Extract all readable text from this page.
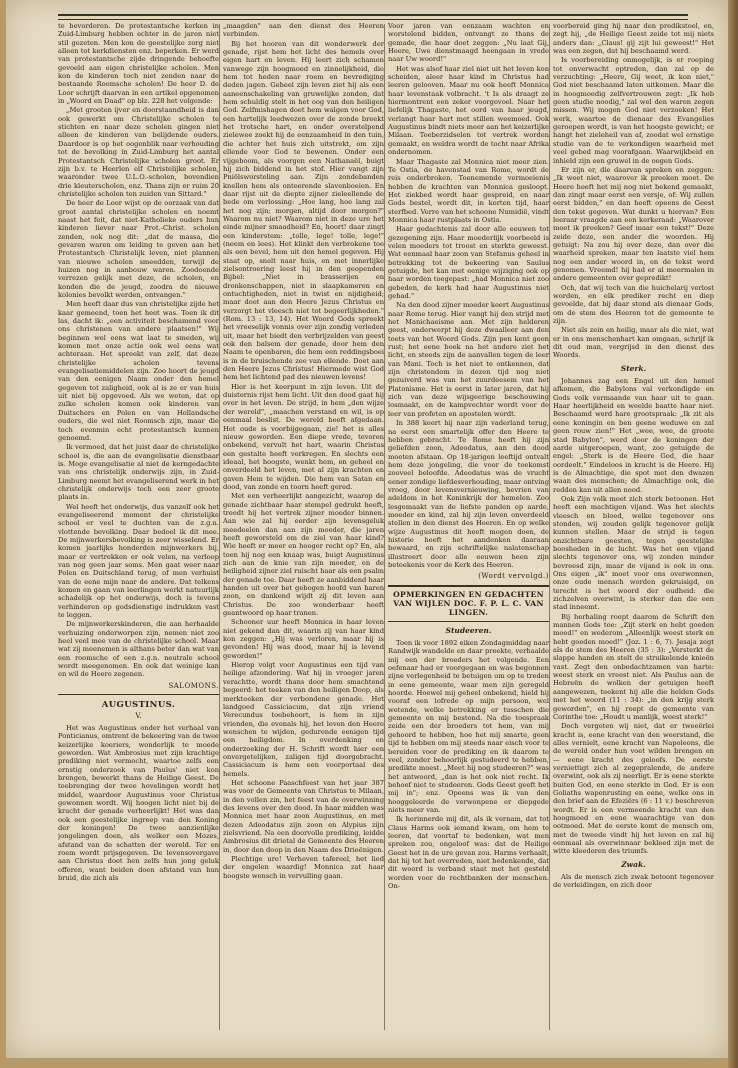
te bevorderen. De protestantsche kerken in Zuid-Limburg hebben echter in de jaren niet stil gezeten. Men kon de geestelijke zorg niet alleen tot kerkdiensten enz. beperken. Er werd van protestantsche zijde dringende behoefte gevoeld aan eigen christelijke scholen. Men kon de kinderen toch niet zenden naar de bestaande Roomsche scholen! De heer D. de Loor schrijft daarvan in een artikel opgenomen in „Woord en Daad" op blz. 228 het volgende:

„Met grooten ijver en doorstaandheid is dan ook gewerkt om Christelijke scholen te stichten en naar deze scholen gingen niet alleen de kinderen van belijdende ouders. Daardoor is op het oogenblik naar verhouding tot de bevolking in Zuid-Limburg het aantal Protestantsch Christelijke scholen groot. Er zijn b.v. te Heerlen elf Christelijke scholen, waaronder twee U.L.O.-scholen, bovendien drie kleuterscholen, enz. Thans zijn er ruim 20 christelijke scholen ten zuiden van Sittard."

De heer de Loor wijst op de oorzaak van dat groot aantal christelijke scholen en noemt naast het feit, dat niet-Katholieke ouders hun kinderen liever naar Prot.-Christ. scholen zenden, ook nog dit: „dat de massa, die gevaren waren om leiding te geven aan het Protestantsch Christelijk leven, niet plannen van nieuwe scholen smeedden, terwijl de huizen nog in aanbouw waren. Zoodoende verrezen gelijk met deze, de scholen, en konden die de jeugd, zoodra de nieuwe kolonies bevolkt werden, ontvangen."

Men heeft daar dus van christelijke zijde het kaar gemeend, toen het heet was. Toen ik dit las, dacht ik: „een activiteit beschamend voor ons christenen van andere plaatsen!" Wij beginnen wel eens wat laat te smeden, wij komen met onze actie ook wel eens wat achteraan. Het spreekt van zelf, dat deze christelijke scholen tevens evangelisatiemiddelen zijn. Zoo hoort de jeugd van den eenigen Naam onder den hemel gegeven tot zaligheid, ook al is ze er van huis uit niet bij opgevoed. Als we weten, dat op zulke scholen komen ook kinderen van Duitschers en Polen en van Hollandsche ouders, die wel niet Roomsch zijn, maar die toch evenmin echt protestantsch kunnen genoemd.

Ik vermoed, dat het juist daar de christelijke school is, die aan de evangelisatie dienstbaar is. Moge evangelisatie al niet de kerngedachte van ons christelijk onderwijs zijn, in Zuid-Limburg neemt het evangeliserend werk in het christelijk onderwijs toch een zeer groote plaats in.

Wel heeft het onderwijs, dus vanzelf ook het evangeliseerend moment der christelijke school er veel te duchten van de z.g.n. vlottende bevolking. Daar bedoel ik dit mee. De mijnwerkersbevolking is zeer wisselend. Er komen jaarlijks honderden mijnwerkers bij, maar er vertrekken er ook velen, na verloop van nog geen jaar soms. Men gaat weer naar Polen en Duitschland terug, of men verhuist van de eene mijn naar de andere. Dat telkens komen en gaan van leerlingen werkt natuurlijk schadelijk op het onderwijs, doch is tevens verhinderen op godsdienstige indrukken vast te leggen.

De mijnwerkerskinderen, die aan herhaalde verhuizing onderworpen zijn, nemen niet zoo heel veel mee van de christelijke school. Maar wat zij meenemen is althans beter dan wat van een roomsche of een z.g.n. neutrale school wordt meegenomen. En ook dat weinige kan en wil de Heere zegenen.

SALOMONS.
AUGUSTINUS.
V.

Het was Augustinus onder het verhaal van Ponticianus, omtrent de bekeering van de twee keizerlijke koeriers, wonderlijk te moede geworden. Wat Ambrosius met zijn krachtige prediking niet vermocht, waartoe zelfs een ernstig onderzoek van Paulus' niet kon brengen, bewerkt thans de Heilige Geest. De toebrenging der twee hovelingen wordt het middel, waardoor Augustinus voor Christus gewonnen wordt. Wij hoogen licht niet bij de kracht der genade verheerlijkt! Het was dan ook een geestelijke ingreep van den Koning der koningen! De twee aanzienlijke jongelingen doen, als welker een Mozes, afstand van de schatten der wereld. Ter en roem wordt prijsgegeven. De levensovergave aan Christus doet hen zelfs hun jong geluk offeren, want beiden doen afstand van hun bruid, die zich als

„maagden" aan den dienst des Heeren verbinden.

Bij het hooren van dit wonderwerk der genade, rijst hem het licht des hemels over eigen hart en leven. Hij leert zich schamen vanwege zijn hoogmoed en zinnelijkheid, die hem tot heden naar roem en bevrediging deden jagen. Geheel zijn leven ziet hij als een aaneenschakeling van gruwelijke zonden, dat hem schuldig stelt in het oog van den heiligen God. Zelfmishagen doet hem walgen voor God, een hartelijk leedwezen over de zonde breekt het trotsche hart, en onder overstelpend zielewee zoekt hij de eenzaamheid in den tuin, die achter het huis zich uitstrekt, om zijn ellende voor God te bewenen. Onder een vijgeboom, als voorgen een Nathanaël, buigt hij zich biddend in het stof. Hier vangt zijn Pniëlsworsteling aan. Zijn zondebanden knellen hem als onteerende slavenboeien. En daar rijst uit de diepte zijner zieleellende de bede om verlossing: „Hoe lang, hoe lang zal het nog zijn; morgen, altijd door morgen?" Waarom nu niet? Waarom niet in deze ure het einde mijner smaadheid? En, hoort! daar zingt een kinderstem: „tolle, lege! tolle, lege!" (neem en lees). Het klinkt den verbrokene toe als een bevel, hem uit den hemel gegeven. Hij staat op, snelt naar huis, en met innerlijke zielsontroering leest hij in den geopenden Bijbel: „Niet in brasserijen en dronkenschappen, niet in slaapkameren en ontuchtigheden, niet in twist en nijdigheid; maar doet aan den Heere Jezus Christus en verzorgt het vleesch niet tot begeerlijkheden." (Rom. 13 : 13, 14). Het Woord Gods spreekt het vreeselijk vonnis over zijn zondig verleden uit, maar het biedt den verbrijzelden van geest ook den balsem der genade, door hem den Naam te openbaren, die hem een reddingsboei is in de bruischende zee van ellende. Doet aan den Heere Jezus Christus! Hiermede wist God hem het lichtend pad des nieuwen levens!

Hier is het keerpunt in zijn leven. Uit de duisternis rijst hem licht. Uit den dood gaat hij over in het leven. De strijd, in hem „den wijze der wereld", „maachen verstand en wil, is op eenmaal beslist. De wereld heeft afgedaan. Het oude is voorbijgegaan, zie! het is alles nieuw geworden. Een diepe vrede, tevoren onbekend, vervult het hart, waarin Christus een gestalte heeft verkregen. En slechts een ideaal, het hoogste, wenkt hem, en geheel en onverdeeld het leven, met al zijn krachten en gaven Hem te wijden. Die hem van Satan en dood, van zonde en toorn heeft gered.

Met een verheerlijkt aangezicht, waarop de genade zichtbaar haar stempel gedrukt heeft, treedt hij het vertrek zijner moeder binnen. Aan wie zal hij eerder zijn levensgeluk meedeelen dan aan zijn moeder, die jaren heeft geworsteld om de ziel van haar kind? Wie heeft er meer en hooger recht op? En, als toen hij nog een knaap was, buigt Augustinus zich aan de knie van zijn moeder, en de heiligheid zijner ziel ruischt haar als een psalm der genade toe. Daar heeft ze aanbiddend haar handen uit over het gebogen hoofd van haren zoon, en dankend wijdt zij dit leven aan Christus. De zoo wonderbaar heeft geantwoord op haar tranen.

Schooner uur heeft Monnica in haar leven niet gekend dan dit, waarin zij van haar kind kon zeggen: „Hij was verloren, maar hij is gevonden! Hij was dood, maar hij is levend geworden!"

Hierop volgt voor Augustinus een tijd van heilige afzondering. Wat hij in vroeger jaren verachtte, wordt thans door hem smachtend begeerd: het teeken van den heiligen Doop, als merkteeken der verbondene genade. Het landgoed Cassiciacum, dat zijn vriend Verecundus toebehoort, is hem in zijn vrienden, die evenals hij, het leven den Heere wenschen te wijden, gedurende eenigen tijd een heiligdom. In overdenking en onderzoeking der H. Schrift wordt hier een onvergetelijken, zaligen tijd doorgebracht. Cassiciacum is hem een voorportaal des hemels.

Het schoone Paaschfeest van het jaar 387 was voor de Gemeente van Christus te Milaan, in den vollen zin, het feest van de overwinning des levens over den dood. In haar midden was Monnica met haar zoon Augustinus, en met dezen Adeodatus zijn zoon en Alypius zijn zielsvriend. Na een doorvolle prediking, leidde Ambrosius dit drietal de Gemeente des Heeren in, door den doop in den Naam des Drieënigen.

Plechtige ure! Verheven tafereel, het lied der engelen waardig! Monnica zat haar hoogste wensch in vervulling gaan.

Voor jaren van eenzaam wachten en worstelend bidden, ontvangt ze thans de gemade, die haar doet zeggen: „Nu laat Gij, Heere, Uwe dienstmaagd heengaan in vrede naar Uw woord!"

Het was alsof haar ziel niet uit het leven kon scheiden, aleer haar kind in Christus had leeren gelooven. Maar nu ook heeft Monnica haar levenstaak volbracht. 't Is als draagt ze hiermontrent een zeker voorgevoel. Naar het liefelijk Thagaste, het oord van haar jeugd, verlangt haar hart met stillen weemoed. Ook Augustinus bindt niets meer aan het keizerlijke Milaan. Toeberzidselen tot vertrek worden gemaakt, en weldra wordt de tocht naar Afrika ondernomen.

Maar Thagaste zal Monnica niet meer zien. Te Ostia, de havenstad van Rome, wordt de reis onderbroken. Toenemende vermoeienis hebben de krachten van Monnica gesloopt. Het ziekbed wordt haar gespreid, en naar Gods bestel, wordt dit, in korten tijd, haar sterfbed. Verre van het schoone Numidië, vindt Monnica haar rustplaats in Ostia.

Haar gedachtenis zal door alle eeuwen tot gezegening zijn. Haar moederlijk voorbeeld is velen moeders tot troost en sterkte geweest. Wat eenmaal haar zoon van Stefanus geheel in betrekking tot de bekeering van Saulus getuigde, het kan met eenige wijziging ook op haar worden toegepast: „had Monnica niet zoo gebeden, de kerk had haar Augustinus niet gehad."

Na den dood zijner moeder keert Augustinus naar Rome terug. Hier vangt hij den strijd met het Manichaeisme aan. Met zijn helderen geest, onderwerpt hij deze dwaalleer aan den toets van het Woord Gods. Zijn pen kent geen rust; het eene boek na het andere ziet het licht, en steeds zijn de aanvallen tegen de leer van Mani. Toch is het niet te ontkennen, dat zijn christendom in dezen tijd nog niet gezuiverd was van het zuurdeesem van het Platonisme. Het is eerst in later jaren, dat hij zich van deze wijsgeerige beschouwing losmaakt, en de kampvechter wordt voor de leer van profeten en apostelen wordt.

In 388 keert hij naar zijn vaderland terug, na eerst een smartelijk offer den Heere te hebben gebracht. Te Rome heeft hij zijn geliefden zoon, Adeodatus, aan den dood moeten afstaan. Op 18-jarigen leeftijd ontvalt hem deze jongeling, die voor de toekomst zooveel beloofde. Adeodatus was de vrucht eener zondige liefdesverhouding, maar ontving vroeg, door levensvernieuwing, bevrien van adeldom in het Koninkrijk der hemelen. Zoo lesgemaakt van de liefste panden op aarde, moeder en kind, zal hij zijn leven onverdeeld stellen in den dienst des Heeren. En op welke wijze Augustinus dit heeft mogen doen, de historie heeft het aandenken daaraan bewaard, en zijn schriftelijke nalatenschap illustreert door alle eeuwen heen zijn beteekenis voor de Kerk des Heeren.

(Wordt vervolgd.)
OPMERKINGEN EN GEDACHTEN VAN WIJLEN DOC. F. P. L. C. VAN LINGEN.
Studeeren.

Toen ik voor 1892 eiken Zondagmiddag naar Randwijk wandelde en daar preekte, verhaalde mij een der broeders het volgende. Een oefenaar had er voorgegaan en was begonnen zijne verlegenheid te betuigen om op te treden in eene gemeente, waar men zijn geregeld hoorde. Hoewel mij geheel onbekend, hield hij vooraf een lofrede op mijn persoon, wel wetende, welke betrekking er tusschen die gemeente en mij bestond. Na die toespraak zeide een der broeders tot hem, van mij gehoord te hebben, hoe het mij smarte, geen tijd te hebben om mij steeds naar eisch voor te bereiden voor de prediking en ik daarom te veel, zonder behoorlijk gestudeerd te hebben, predikte moest. „Meet hij nog studeeren?" was het antwoord, „dan is het ook niet recht. Ik behoef niet te studeeren. Gods Geest geeft het mij in"; enz. Opeens was ik van den hooggeleerde de verwonpene er diepgede niets meer van.

Ik herinnerde mij dit, als ik vernam, dat tot Claus Harms ook iemand kwam, om hem te leeren, dat voortaf te bedenken, wat men spreken zou, ongeloof was: dat de Heilige Geest het in de ure gevan zou. Harms verhaalt, dat hij tot het overreden, niet bedenkende, dat dit woord is verband staat met het gesteld worden voor de rechtbanken der menschen. On-

voorbereid ging hij naar den predikstoel, en, zegt hij, „de Heilige Geest zeide tot mij niets anders dan: „Claus! gij zijt lui geweest!" Het was een zegen, dat hij beschaamd werd.

Is voorbereiding onmogelijk, is er roeping tot onverwacht optreden, dan zal op de verzuchting: „Heere, Gij weet, ik kon niet," God niet beschaamd laten uitkomen. Maar die in hoogmoedig zelfvertrouwen zegt: „Ik heb geen studie noodig," zal wel den waren zegen missen. Wij mogen God niet verzoeken! Het werk, waartoe de dienaar des Evangelies geroepen wordt, is van het hoogste gewicht; er hangt het zieleheil van af, zoodat wel ernstige studie van de te verkondigen waarheid met veel gebed mag voorafgaan. Waarwijkbeid en inhield zijn een gruwel in de oogen Gods.

Er zijn er, die daarvan spreken en zeggen: „Ik weet niet, waarover ik preeken moet. De Heere heeft het mij nog niet bekend gemaakt, dan zingt maar eerst een versje, of: Wij zullen eerst bidden," en dan heeft opeens de Geest den tekst gegeven. Wat dunkt u hiervan? Een leeraar vraagde aan een kerkeraad: „Waarover moet ik preeken? Geef maar een tekst!" Deze zeide deze, een ander die woorden. Hij getuigt: Na zou hij over deze, dan over die waarheid spreken, maar ten laatste viel hem nog een ander woord in, en de tekst werd genomen. Vreemd! hij had er al meermalen in andere gemeenten over gepredikt!

Och, dat wij toch van die huichelarij verlost worden, en elk prediker recht en diep gevoelde, dat hij daar stond als dienaar Gods, om de stem des Heeren tot de gemeente te zijn.

Niet als zein en heilig, maar als die niet, wat er in ons menschenhart kan omgaan, schrijf ik dit oud man, vergrijsd in den dienst des Woords.

Sterk.

Johannes zag een Engel uit den hemel afkomen, die Babylons val verkondigde en Gods volk vermaande van haar uit te gaan. Haar heerlijkheid en weelde baatte haar niet. Beschaamd werd hare grootspraak: „Ik zit als eene koningin en ben geene weduwe en zal geen rouw zien!" Het „wee, wee, de groote stad Babylon", werd door de koningen der aarde uitgeroepen, want, zoo getuigde de engel: „Sterk is de Heere God, die haar oordeelt." Eindeloos in kracht is de Heere. Hij is de Almachtige, die spot met den dwazen waan des menschen; de Almachtige ook, die redden kan uit allen nood.

Ook Zijn volk moet zich sterk betoonen. Het heeft een machtigen vijand. Was het slechts vleesch en bloed, welke tegenover ons stonden, wij zouden gelijk tegenover gelijk kunnen stellen. Maar de strijd is tegen onzichtbare geesten, tegen geestelijke boosheden in de lucht. Was het een vijand slechts tegenover ons, wij zonden minder bevreesd zijn, maar de vijand is ook in ons. Ons eigen „ik" moet voor ons overwonnen, onze oude mensch worden gekruisigd, en terecht is het woord der oudheid: die zichzelven overwint, is sterker dan die een stad inneemt.

Bij herhaling roept daarom de Schrift den mannen Gods toe: „Zijt sterk en hebt goeden moed!" en wederom „Alleenlijk weest sterk en hebt goeden moed!" (Joz. 1 : 6, 7). Jesaja zegt als de stem des Heeren (35 : 3): „Versterkt de slappe handen en stelt de struikelende knieën vast. Zegt den onbedachtzamen van harte: weest sterk en vreest niet. Als Paulus aan de Hebreën de wolken der getuigen heeft aangewezen, teekent hij alle die helden Gods met het woord (11 : 34): „in den krijg sterk geworden", en hij roept de gemeente van Corinthe toe: „Houdt u manlijk, weest sterk!"

Doch vergeten wij niet, dat er tweeërlei kracht is, eene kracht van den weerstand, die alles vernielt, eene kracht van Napoleons, die de wereld onder hun voet wilden brengen en — eene kracht des geloofs. De eerste verniettigt zich al zegepralende, de andere overwint, ook als zij neerligt. Er is eene sterkte buiten God, en eene sterkte in God. Er is een Goliaths wapenrusting en eene, welke ons in den brief aan de Efeziërs (6 : 11 v.) beschreven wordt. Er is een vermeende kracht van den hoogmoed en eene waarachtige van den ootmoed. Met de eerste komt de mensch om, met de tweede vindt hij het leven en zal hij eenmaal als overwinnaar bekleed zijn met de witte kleederen des triumfs.

Zwak.

Als de mensch zich zwak betoont tegenover de verleidingen, en zich door
